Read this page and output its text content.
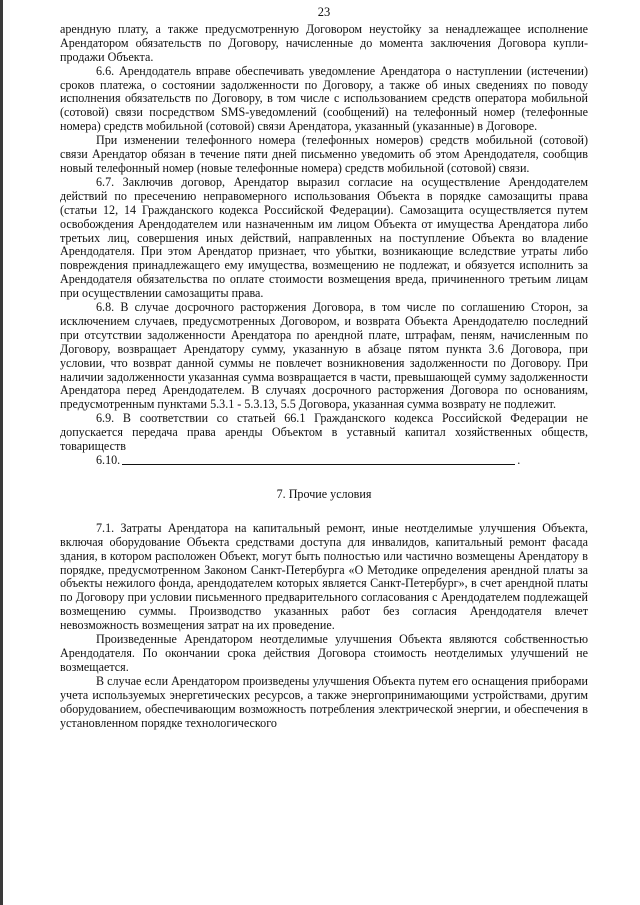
23

арендную плату, а также предусмотренную Договором неустойку за ненадлежащее исполнение Арендатором обязательств по Договору, начисленные до момента заключения Договора купли-продажи Объекта.

6.6. Арендодатель вправе обеспечивать уведомление Арендатора о наступлении (истечении) сроков платежа, о состоянии задолженности по Договору, а также об иных сведениях по поводу исполнения обязательств по Договору, в том числе с использованием средств оператора мобильной (сотовой) связи посредством SMS-уведомлений (сообщений) на телефонный номер (телефонные номера) средств мобильной (сотовой) связи Арендатора, указанный (указанные) в Договоре.

При изменении телефонного номера (телефонных номеров) средств мобильной (сотовой) связи Арендатор обязан в течение пяти дней письменно уведомить об этом Арендодателя, сообщив новый телефонный номер (новые телефонные номера) средств мобильной (сотовой) связи.

6.7. Заключив договор, Арендатор выразил согласие на осуществление Арендодателем действий по пресечению неправомерного использования Объекта в порядке самозащиты права (статьи 12, 14 Гражданского кодекса Российской Федерации). Самозащита осуществляется путем освобождения Арендодателем или назначенным им лицом Объекта от имущества Арендатора либо третьих лиц, совершения иных действий, направленных на поступление Объекта во владение Арендодателя. При этом Арендатор признает, что убытки, возникающие вследствие утраты либо повреждения принадлежащего ему имущества, возмещению не подлежат, и обязуется исполнить за Арендодателя обязательства по оплате стоимости возмещения вреда, причиненного третьим лицам при осуществлении самозащиты права.

6.8. В случае досрочного расторжения Договора, в том числе по соглашению Сторон, за исключением случаев, предусмотренных Договором, и возврата Объекта Арендодателю последний при отсутствии задолженности Арендатора по арендной плате, штрафам, пеням, начисленным по Договору, возвращает Арендатору сумму, указанную в абзаце пятом пункта 3.6 Договора, при условии, что возврат данной суммы не повлечет возникновения задолженности по Договору. При наличии задолженности указанная сумма возвращается в части, превышающей сумму задолженности Арендатора перед Арендодателем. В случаях досрочного расторжения Договора по основаниям, предусмотренным пунктами 5.3.1 - 5.3.13, 5.5 Договора, указанная сумма возврату не подлежит.

6.9. В соответствии со статьей 66.1 Гражданского кодекса Российской Федерации не допускается передача права аренды Объектом в уставный капитал хозяйственных обществ, товариществ

6.10.	.
7. Прочие условия

7.1. Затраты Арендатора на капитальный ремонт, иные неотделимые улучшения Объекта, включая оборудование Объекта средствами доступа для инвалидов, капитальный ремонт фасада здания, в котором расположен Объект, могут быть полностью или частично возмещены Арендатору в порядке, предусмотренном Законом Санкт-Петербурга «О Методике определения арендной платы за объекты нежилого фонда, арендодателем которых является Санкт-Петербург», в счет арендной платы по Договору при условии письменного предварительного согласования с Арендодателем подлежащей возмещению суммы. Производство указанных работ без согласия Арендодателя влечет невозможность возмещения затрат на их проведение.

Произведенные Арендатором неотделимые улучшения Объекта являются собственностью Арендодателя. По окончании срока действия Договора стоимость неотделимых улучшений не возмещается.

В случае если Арендатором произведены улучшения Объекта путем его оснащения приборами учета используемых энергетических ресурсов, а также энергопринимающими устройствами, другим оборудованием, обеспечивающим возможность потребления электрической энергии, и обеспечения в установленном порядке технологического
